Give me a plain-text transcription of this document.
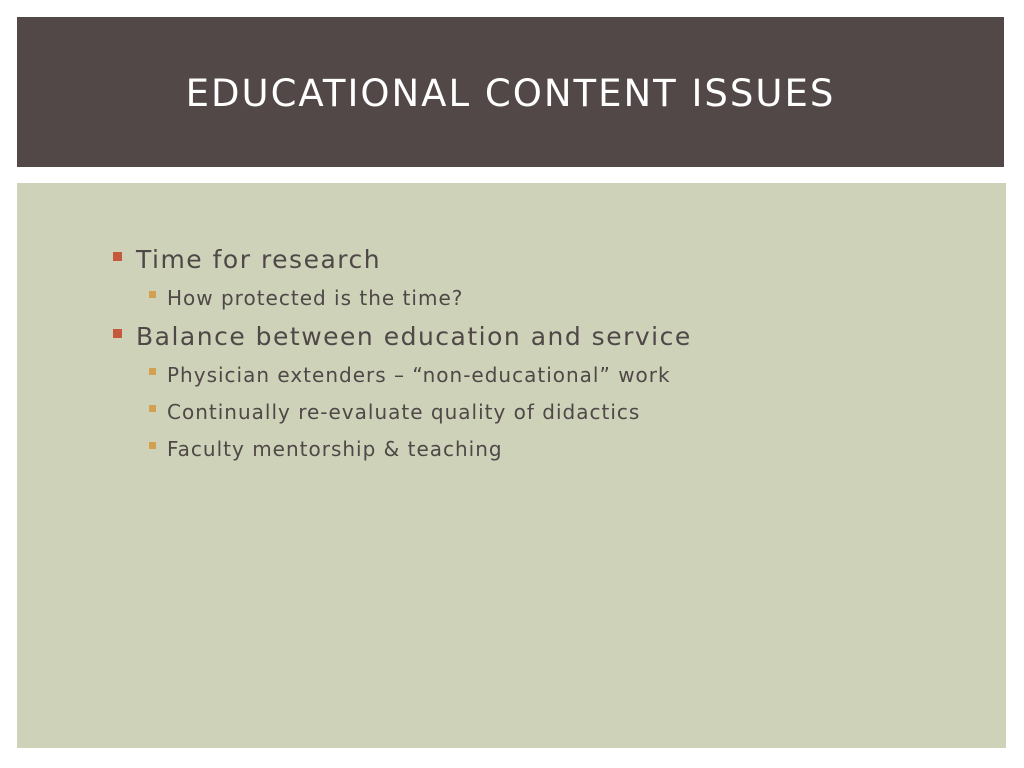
EDUCATIONAL CONTENT ISSUES
Time for research
How protected is the time?
Balance between education and service
Physician extenders – “non-educational” work
Continually re-evaluate quality of didactics
Faculty mentorship & teaching
